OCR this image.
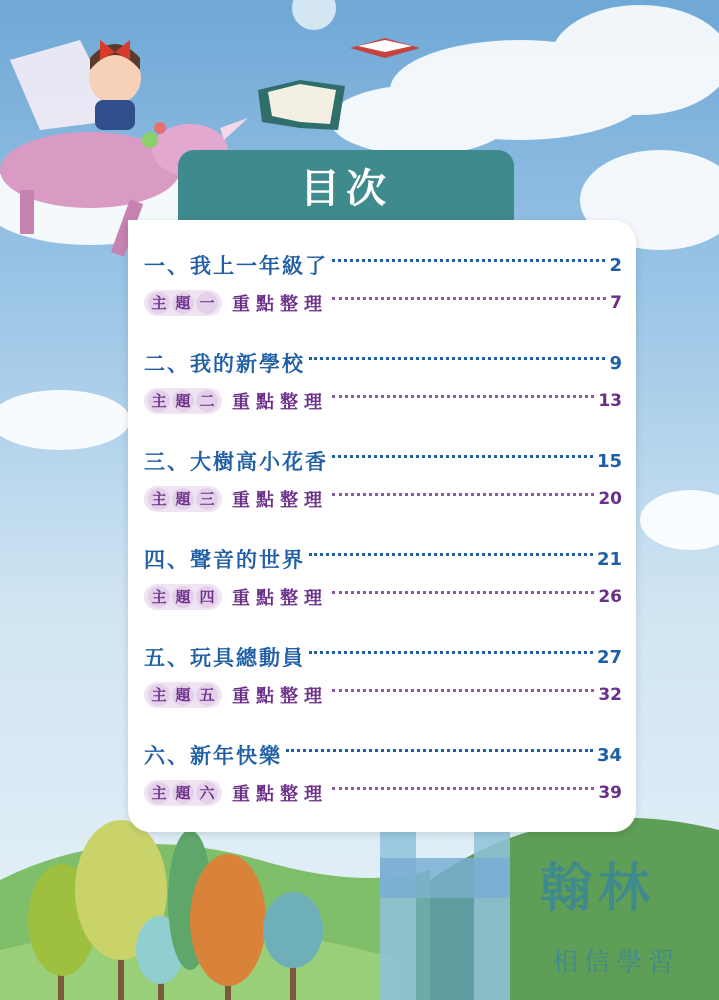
目次
一、我上一年級了	2
主 題 一 重點整理	7
二、我的新學校	9
主 題 二 重點整理	13
三、大樹高小花香	15
主 題 三 重點整理	20
四、聲音的世界	21
主 題 四 重點整理	26
五、玩具總動員	27
主 題 五 重點整理	32
六、新年快樂	34
主 題 六 重點整理	39
翰林
相信學習
